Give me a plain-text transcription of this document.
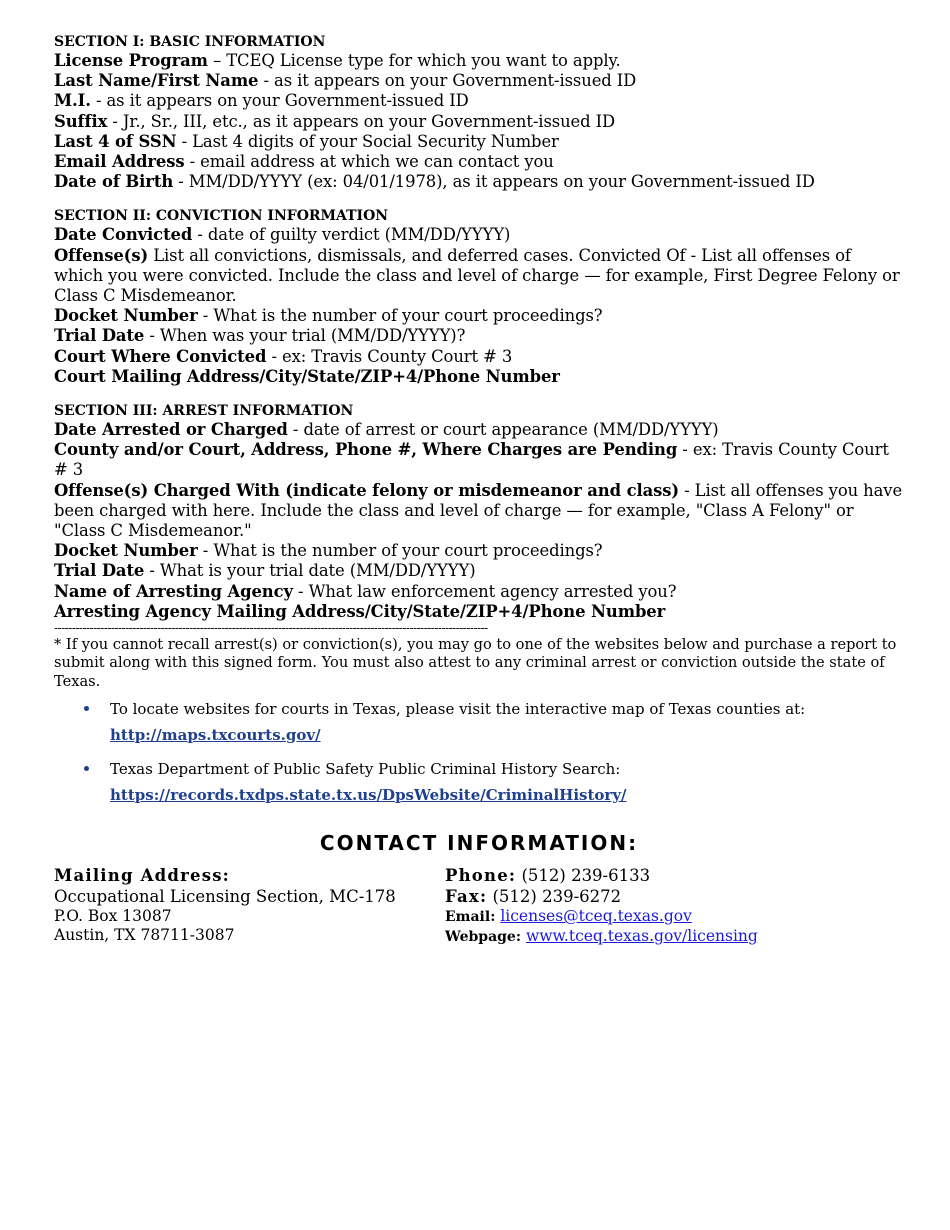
SECTION I: BASIC INFORMATION

License Program – TCEQ License type for which you want to apply.

Last Name/First Name - as it appears on your Government-issued ID

M.I. - as it appears on your Government-issued ID

Suffix - Jr., Sr., III, etc., as it appears on your Government-issued ID

Last 4 of SSN - Last 4 digits of your Social Security Number

Email Address - email address at which we can contact you

Date of Birth - MM/DD/YYYY (ex: 04/01/1978), as it appears on your Government-issued ID

SECTION II: CONVICTION INFORMATION

Date Convicted - date of guilty verdict (MM/DD/YYYY)

Offense(s) List all convictions, dismissals, and deferred cases. Convicted Of - List all offenses of which you were convicted. Include the class and level of charge — for example, First Degree Felony or Class C Misdemeanor.

Docket Number - What is the number of your court proceedings?

Trial Date - When was your trial (MM/DD/YYYY)?

Court Where Convicted - ex: Travis County Court # 3

Court Mailing Address/City/State/ZIP+4/Phone Number

SECTION III: ARREST INFORMATION

Date Arrested or Charged - date of arrest or court appearance (MM/DD/YYYY)

County and/or Court, Address, Phone #, Where Charges are Pending - ex: Travis County Court # 3

Offense(s) Charged With (indicate felony or misdemeanor and class) - List all offenses you have been charged with here. Include the class and level of charge — for example, "Class A Felony" or "Class C Misdemeanor."

Docket Number - What is the number of your court proceedings?

Trial Date - What is your trial date (MM/DD/YYYY)

Name of Arresting Agency - What law enforcement agency arrested you?

Arresting Agency Mailing Address/City/State/ZIP+4/Phone Number

--------------------------------------------------------------------------------------------------------------------------

* If you cannot recall arrest(s) or conviction(s), you may go to one of the websites below and purchase a report to submit along with this signed form. You must also attest to any criminal arrest or conviction outside the state of Texas.

To locate websites for courts in Texas, please visit the interactive map of Texas counties at:

http://maps.txcourts.gov/

Texas Department of Public Safety Public Criminal History Search:

https://records.txdps.state.tx.us/DpsWebsite/CriminalHistory/
CONTACT INFORMATION:

Mailing Address:

Occupational Licensing Section, MC-178

P.O. Box 13087

Austin, TX 78711-3087

Phone: (512) 239-6133

Fax: (512) 239-6272

Email: licenses@tceq.texas.gov

Webpage: www.tceq.texas.gov/licensing
